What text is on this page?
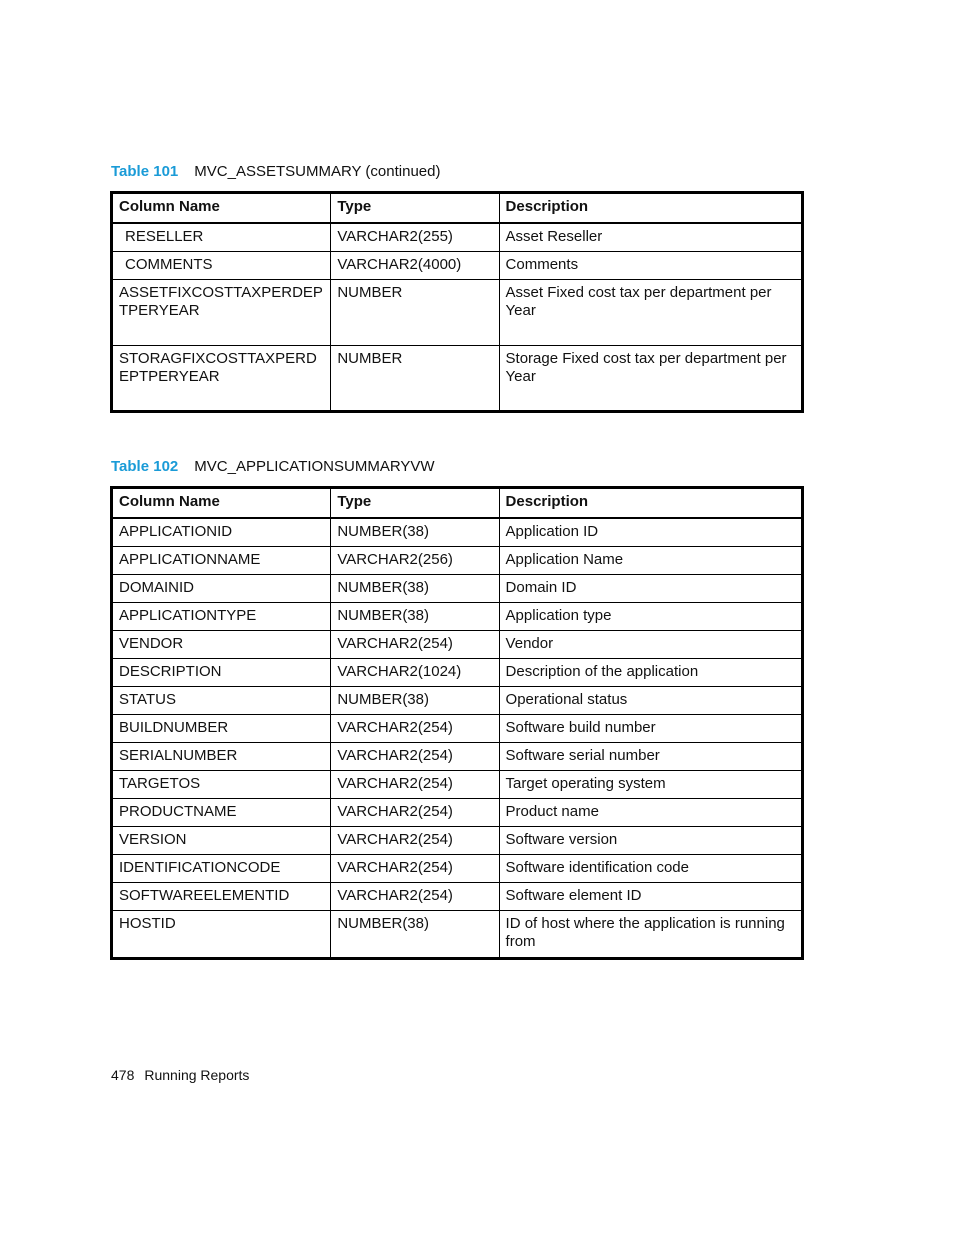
Table 101 MVC_ASSETSUMMARY (continued)
Column Name	Type	Description
RESELLER	VARCHAR2(255)	Asset Reseller
COMMENTS	VARCHAR2(4000)	Comments
ASSETFIXCOSTTAXPERDEPTPERYEAR	NUMBER	Asset Fixed cost tax per department per Year
STORAGFIXCOSTTAXPERDEPTPERYEAR	NUMBER	Storage Fixed cost tax per department per Year
Table 102 MVC_APPLICATIONSUMMARYVW
Column Name	Type	Description
APPLICATIONID	NUMBER(38)	Application ID
APPLICATIONNAME	VARCHAR2(256)	Application Name
DOMAINID	NUMBER(38)	Domain ID
APPLICATIONTYPE	NUMBER(38)	Application type
VENDOR	VARCHAR2(254)	Vendor
DESCRIPTION	VARCHAR2(1024)	Description of the application
STATUS	NUMBER(38)	Operational status
BUILDNUMBER	VARCHAR2(254)	Software build number
SERIALNUMBER	VARCHAR2(254)	Software serial number
TARGETOS	VARCHAR2(254)	Target operating system
PRODUCTNAME	VARCHAR2(254)	Product name
VERSION	VARCHAR2(254)	Software version
IDENTIFICATIONCODE	VARCHAR2(254)	Software identification code
SOFTWAREELEMENTID	VARCHAR2(254)	Software element ID
HOSTID	NUMBER(38)	ID of host where the application is running from
478 Running Reports
